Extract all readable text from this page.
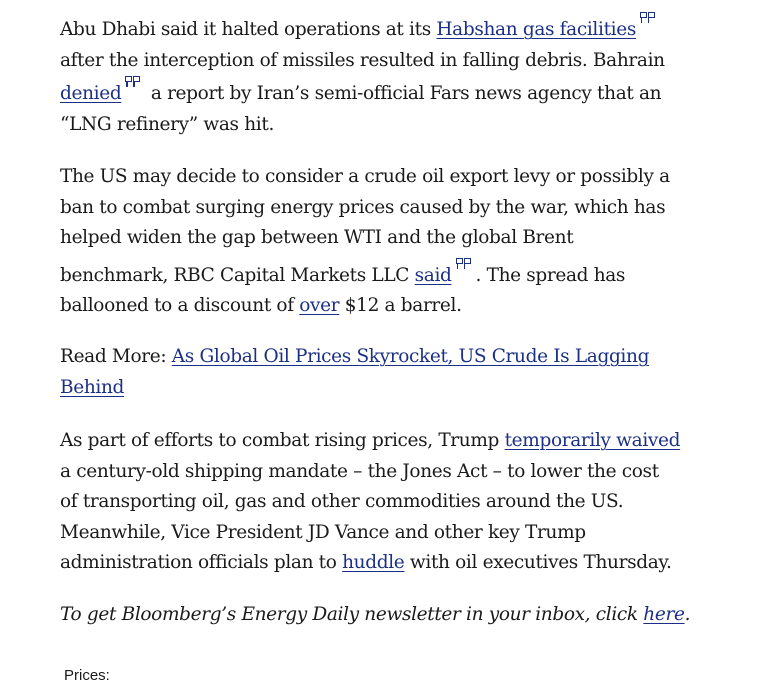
Abu Dhabi said it halted operations at its Habshan gas facilities
after the interception of missiles resulted in falling debris. Bahrain
denied
a report by Iran’s semi-official Fars news agency that an
“LNG refinery” was hit.

The US may decide to consider a crude oil export levy or possibly a
ban to combat surging energy prices caused by the war, which has
helped widen the gap between WTI and the global Brent
benchmark, RBC Capital Markets LLC said . The spread has
ballooned to a discount of over $12 a barrel.

Read More: As Global Oil Prices Skyrocket, US Crude Is Lagging
Behind

As part of efforts to combat rising prices, Trump temporarily waived
a century-old shipping mandate – the Jones Act – to lower the cost
of transporting oil, gas and other commodities around the US.
Meanwhile, Vice President JD Vance and other key Trump
administration officials plan to huddle with oil executives Thursday.

To get Bloomberg’s Energy Daily newsletter in your inbox, click here.

Prices:
